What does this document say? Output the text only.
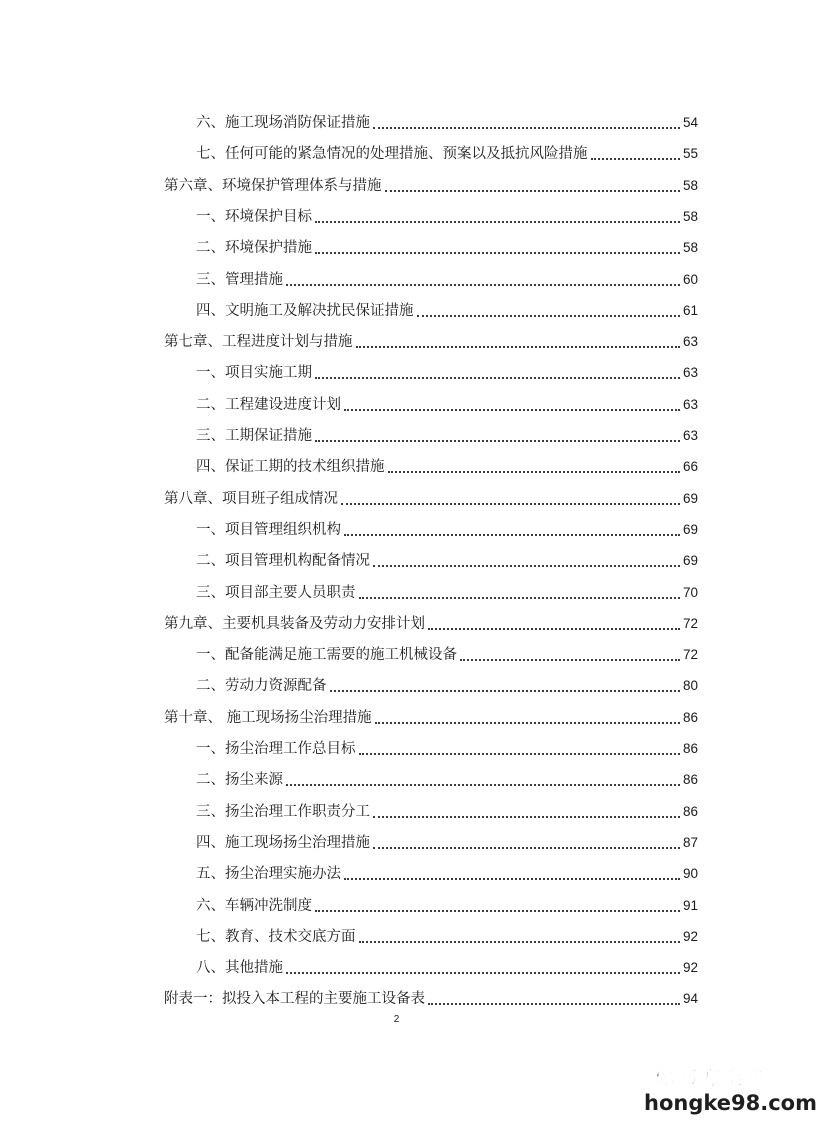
六、施工现场消防保证措施	54
七、任何可能的紧急情况的处理措施、预案以及抵抗风险措施	55
第六章、环境保护管理体系与措施	58
一、环境保护目标	58
二、环境保护措施	58
三、管理措施	60
四、文明施工及解决扰民保证措施	61
第七章、工程进度计划与措施	63
一、项目实施工期	63
二、工程建设进度计划	63
三、工期保证措施	63
四、保证工期的技术组织措施	66
第八章、项目班子组成情况	69
一、项目管理组织机构	69
二、项目管理机构配备情况	69
三、项目部主要人员职责	70
第九章、主要机具装备及劳动力安排计划	72
一、配备能满足施工需要的施工机械设备	72
二、劳动力资源配备	80
第十章、 施工现场扬尘治理措施	86
一、扬尘治理工作总目标	86
二、扬尘来源	86
三、扬尘治理工作职责分工	86
四、施工现场扬尘治理措施	87
五、扬尘治理实施办法	90
六、车辆冲洗制度	91
七、教育、技术交底方面	92
八、其他措施	92
附表一：拟投入本工程的主要施工设备表	94
2
标书方案网
hongke98.com
